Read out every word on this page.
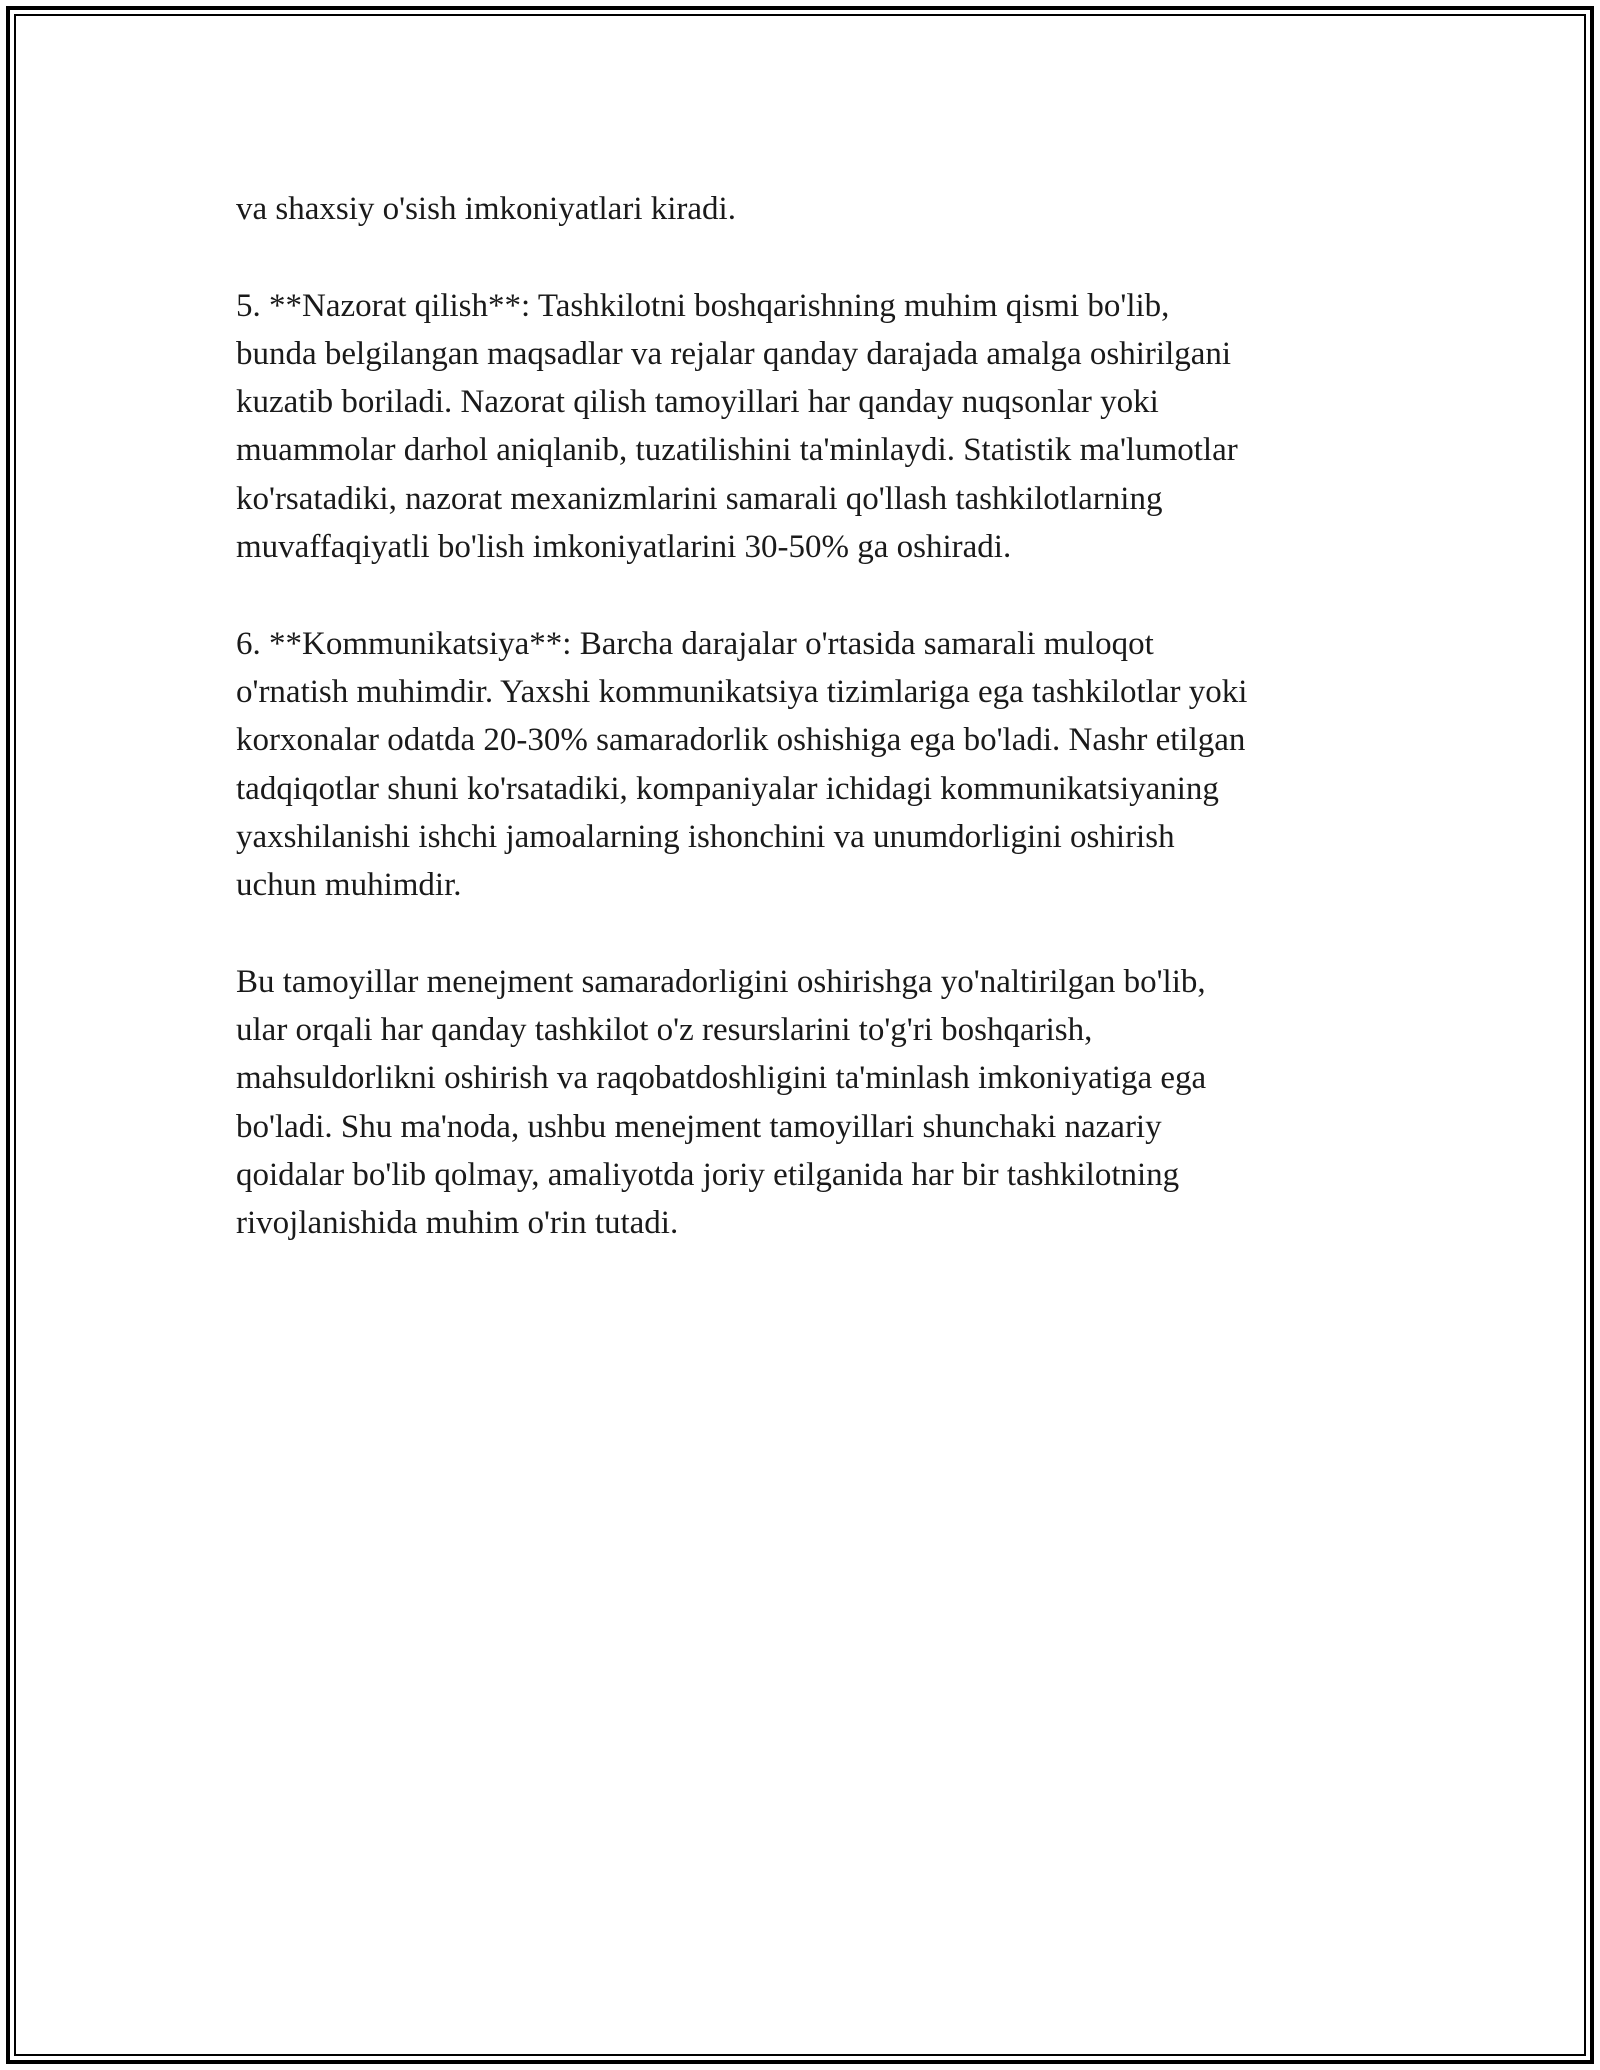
va shaxsiy o'sish imkoniyatlari kiradi.

5. **Nazorat qilish**: Tashkilotni boshqarishning muhim qismi bo'lib,
bunda belgilangan maqsadlar va rejalar qanday darajada amalga oshirilgani
kuzatib boriladi. Nazorat qilish tamoyillari har qanday nuqsonlar yoki
muammolar darhol aniqlanib, tuzatilishini ta'minlaydi. Statistik ma'lumotlar
ko'rsatadiki, nazorat mexanizmlarini samarali qo'llash tashkilotlarning
muvaffaqiyatli bo'lish imkoniyatlarini 30-50% ga oshiradi.

6. **Kommunikatsiya**: Barcha darajalar o'rtasida samarali muloqot
o'rnatish muhimdir. Yaxshi kommunikatsiya tizimlariga ega tashkilotlar yoki
korxonalar odatda 20-30% samaradorlik oshishiga ega bo'ladi. Nashr etilgan
tadqiqotlar shuni ko'rsatadiki, kompaniyalar ichidagi kommunikatsiyaning
yaxshilanishi ishchi jamoalarning ishonchini va unumdorligini oshirish
uchun muhimdir.

Bu tamoyillar menejment samaradorligini oshirishga yo'naltirilgan bo'lib,
ular orqali har qanday tashkilot o'z resurslarini to'g'ri boshqarish,
mahsuldorlikni oshirish va raqobatdoshligini ta'minlash imkoniyatiga ega
bo'ladi. Shu ma'noda, ushbu menejment tamoyillari shunchaki nazariy
qoidalar bo'lib qolmay, amaliyotda joriy etilganida har bir tashkilotning
rivojlanishida muhim o'rin tutadi.
